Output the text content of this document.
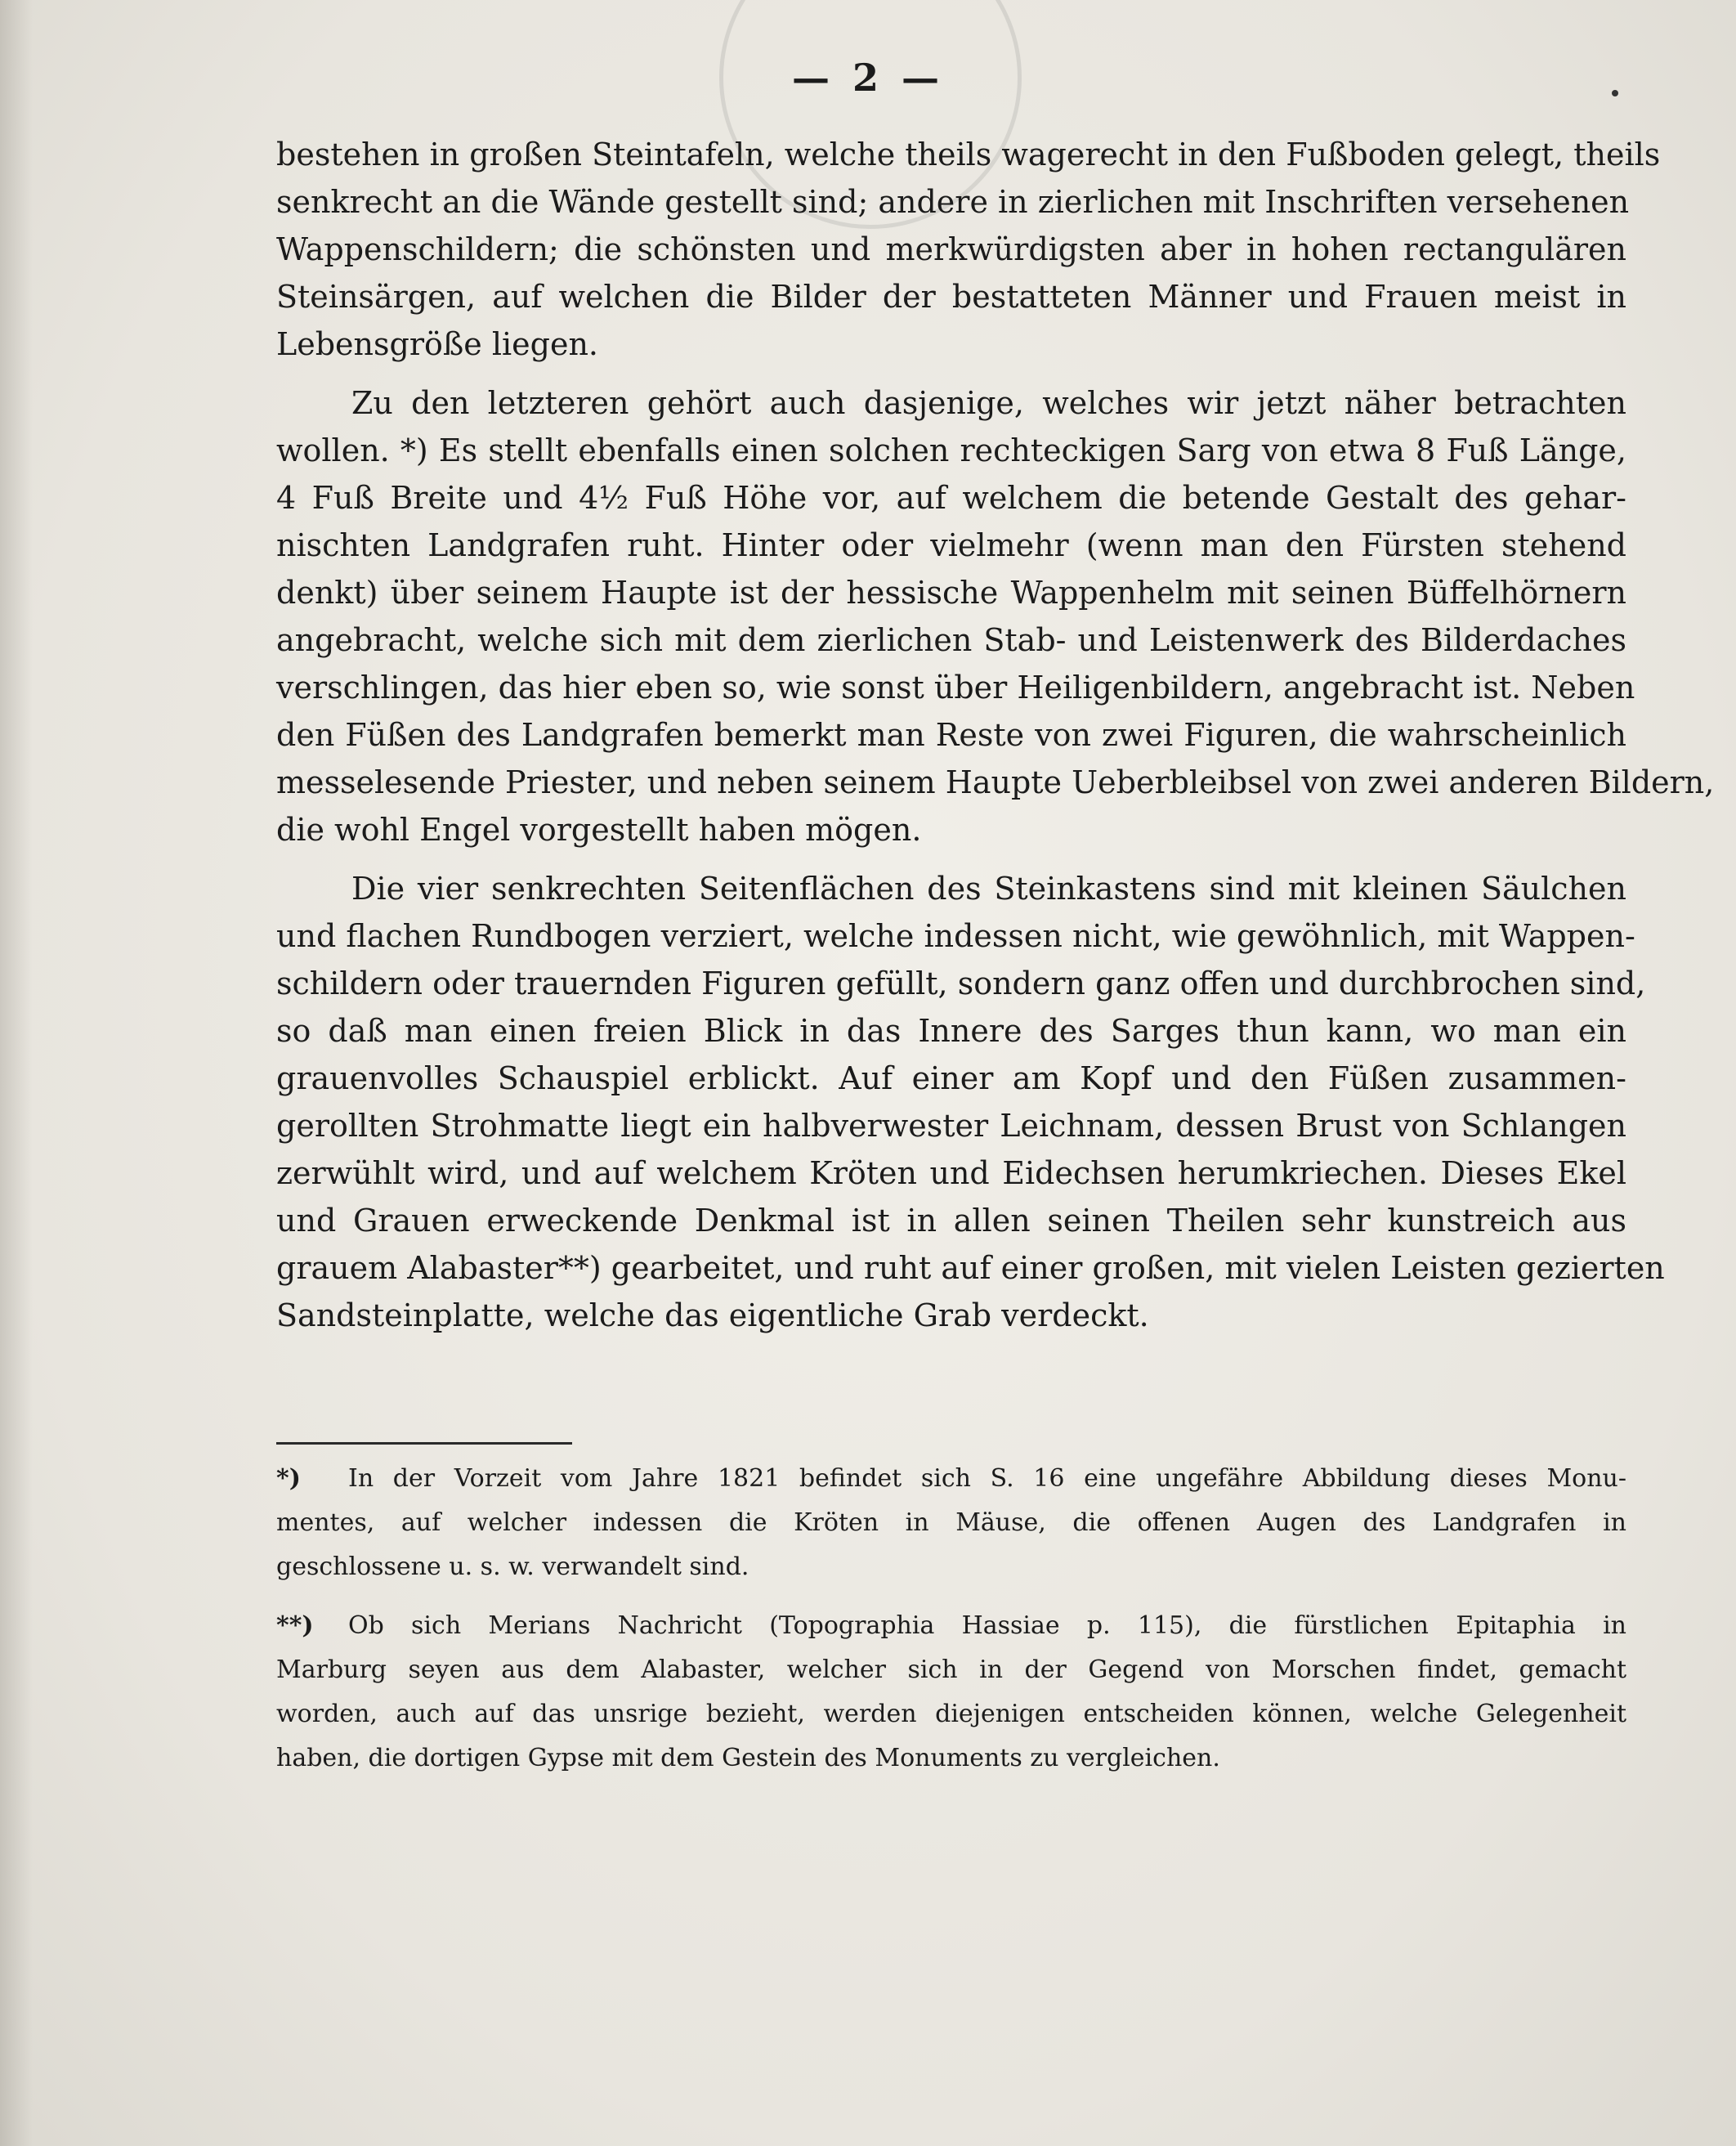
— 2 —
bestehen in großen Steintafeln, welche theils wagerecht in den Fußboden gelegt, theils
senkrecht an die Wände gestellt sind; andere in zierlichen mit Inschriften versehenen
Wappenschildern; die schönsten und merkwürdigsten aber in hohen rectangulären
Steinsärgen, auf welchen die Bilder der bestatteten Männer und Frauen meist in
Lebensgröße liegen.
Zu den letzteren gehört auch dasjenige, welches wir jetzt näher betrachten
wollen. *) Es stellt ebenfalls einen solchen rechteckigen Sarg von etwa 8 Fuß Länge,
4 Fuß Breite und 4½ Fuß Höhe vor, auf welchem die betende Gestalt des gehar-
nischten Landgrafen ruht. Hinter oder vielmehr (wenn man den Fürsten stehend
denkt) über seinem Haupte ist der hessische Wappenhelm mit seinen Büffelhörnern
angebracht, welche sich mit dem zierlichen Stab- und Leistenwerk des Bilderdaches
verschlingen, das hier eben so, wie sonst über Heiligenbildern, angebracht ist. Neben
den Füßen des Landgrafen bemerkt man Reste von zwei Figuren, die wahrscheinlich
messelesende Priester, und neben seinem Haupte Ueberbleibsel von zwei anderen Bildern,
die wohl Engel vorgestellt haben mögen.
Die vier senkrechten Seitenflächen des Steinkastens sind mit kleinen Säulchen
und flachen Rundbogen verziert, welche indessen nicht, wie gewöhnlich, mit Wappen-
schildern oder trauernden Figuren gefüllt, sondern ganz offen und durchbrochen sind,
so daß man einen freien Blick in das Innere des Sarges thun kann, wo man ein
grauenvolles Schauspiel erblickt. Auf einer am Kopf und den Füßen zusammen-
gerollten Strohmatte liegt ein halbverwester Leichnam, dessen Brust von Schlangen
zerwühlt wird, und auf welchem Kröten und Eidechsen herumkriechen. Dieses Ekel
und Grauen erweckende Denkmal ist in allen seinen Theilen sehr kunstreich aus
grauem Alabaster**) gearbeitet, und ruht auf einer großen, mit vielen Leisten gezierten
Sandsteinplatte, welche das eigentliche Grab verdeckt.
*) In der Vorzeit vom Jahre 1821 befindet sich S. 16 eine ungefähre Abbildung dieses Monu-
mentes, auf welcher indessen die Kröten in Mäuse, die offenen Augen des Landgrafen in
geschlossene u. s. w. verwandelt sind.
**) Ob sich Merians Nachricht (Topographia Hassiae p. 115), die fürstlichen Epitaphia in
Marburg seyen aus dem Alabaster, welcher sich in der Gegend von Morschen findet, gemacht
worden, auch auf das unsrige bezieht, werden diejenigen entscheiden können, welche Gelegenheit
haben, die dortigen Gypse mit dem Gestein des Monuments zu vergleichen.
